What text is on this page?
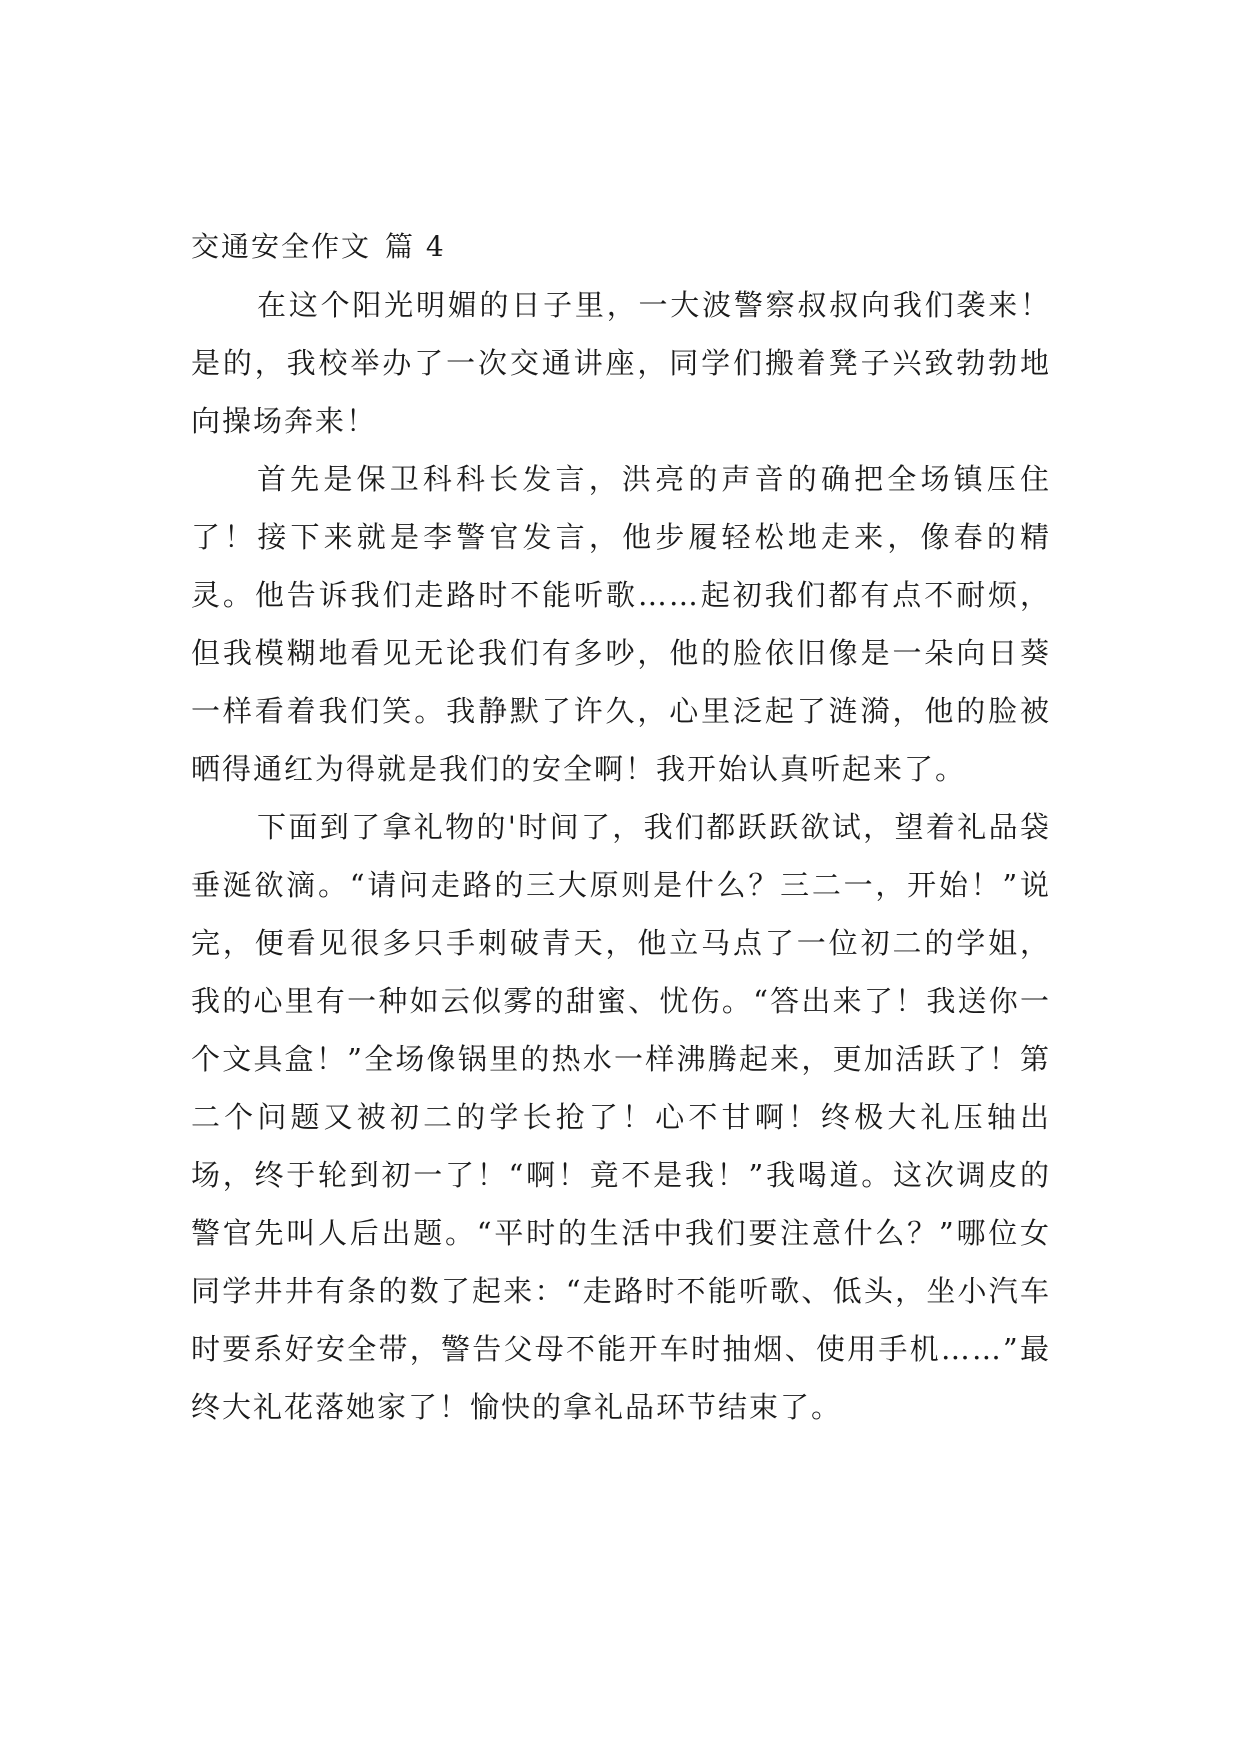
交通安全作文 篇 4

在这个阳光明媚的日子里，一大波警察叔叔向我们袭来！是的，我校举办了一次交通讲座，同学们搬着凳子兴致勃勃地向操场奔来！

首先是保卫科科长发言，洪亮的声音的确把全场镇压住了！接下来就是李警官发言，他步履轻松地走来，像春的精灵。他告诉我们走路时不能听歌……起初我们都有点不耐烦，但我模糊地看见无论我们有多吵，他的脸依旧像是一朵向日葵一样看着我们笑。我静默了许久，心里泛起了涟漪，他的脸被晒得通红为得就是我们的安全啊！我开始认真听起来了。

下面到了拿礼物的'时间了，我们都跃跃欲试，望着礼品袋垂涎欲滴。“请问走路的三大原则是什么？三二一，开始！”说完，便看见很多只手刺破青天，他立马点了一位初二的学姐，我的心里有一种如云似雾的甜蜜、忧伤。“答出来了！我送你一个文具盒！”全场像锅里的热水一样沸腾起来，更加活跃了！第二个问题又被初二的学长抢了！心不甘啊！终极大礼压轴出场，终于轮到初一了！“啊！竟不是我！”我喝道。这次调皮的警官先叫人后出题。“平时的生活中我们要注意什么？”哪位女同学井井有条的数了起来：“走路时不能听歌、低头，坐小汽车时要系好安全带，警告父母不能开车时抽烟、使用手机……”最终大礼花落她家了！愉快的拿礼品环节结束了。
